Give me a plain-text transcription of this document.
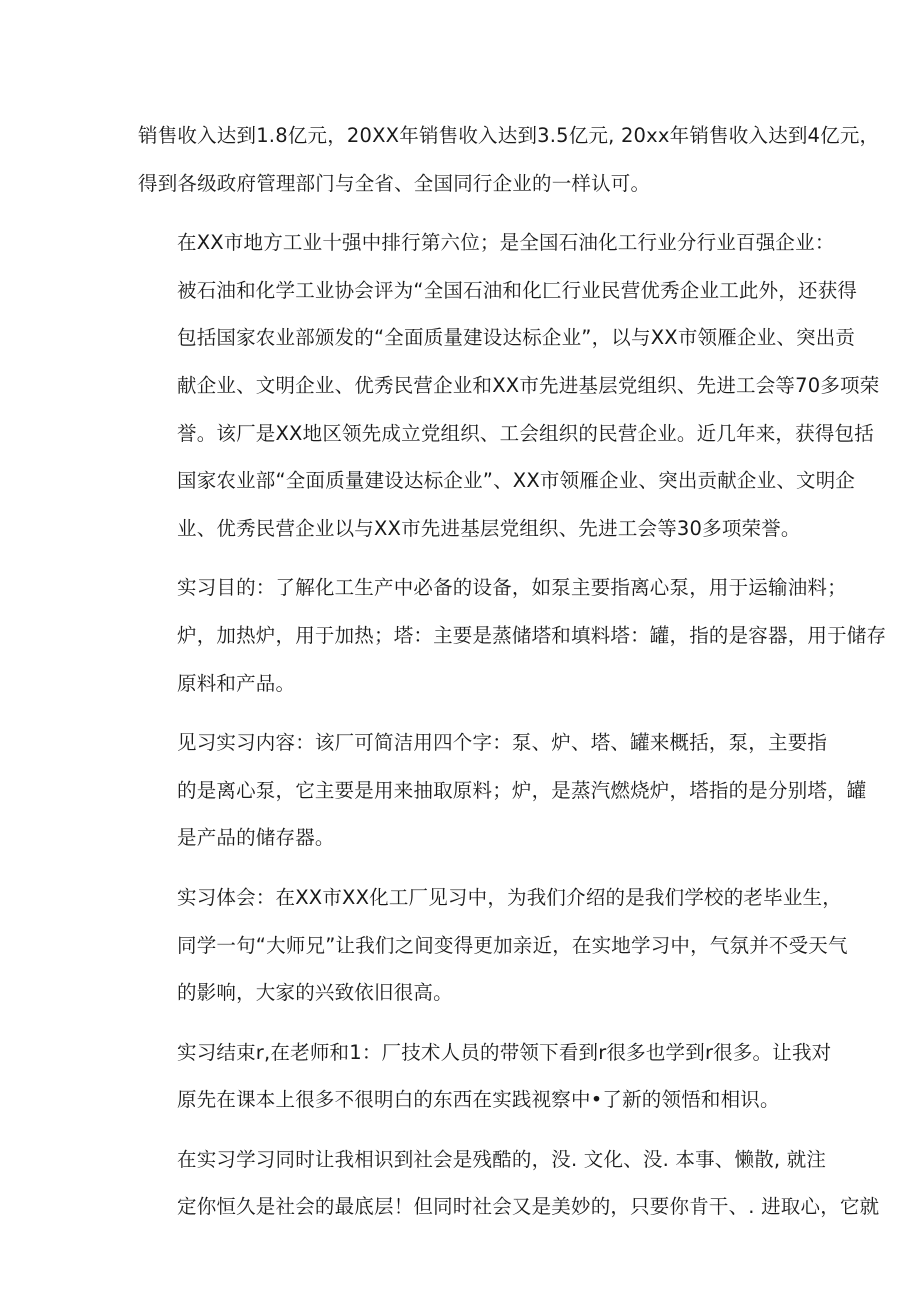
销售收入达到1.8亿元，20XX年销售收入达到3.5亿元, 20xx年销售收入达到4亿元，
得到各级政府管理部门与全省、全国同行企业的一样认可。
在XX市地方工业十强中排行第六位；是全国石油化工行业分行业百强企业：
被石油和化学工业协会评为“全国石油和化匚行业民营优秀企业工此外，还获得
包括国家农业部颁发的“全面质量建设达标企业”，以与XX市领雁企业、突出贡
献企业、文明企业、优秀民营企业和XX市先进基层党组织、先进工会等70多项荣
誉。该厂是XX地区领先成立党组织、工会组织的民营企业。近几年来，获得包括
国家农业部“全面质量建设达标企业”、XX市领雁企业、突出贡献企业、文明企
业、优秀民营企业以与XX市先进基层党组织、先进工会等30多项荣誉。
实习目的：了解化工生产中必备的设备，如泵主要指离心泵，用于运输油料；
炉，加热炉，用于加热；塔：主要是蒸储塔和填料塔：罐，指的是容器，用于储存
原料和产品。
见习实习内容：该厂可简洁用四个字：泵、炉、塔、罐来概括，泵，主要指
的是离心泵，它主要是用来抽取原料；炉，是蒸汽燃烧炉，塔指的是分别塔，罐
是产品的储存器。
实习体会：在XX市XX化工厂见习中，为我们介绍的是我们学校的老毕业生，
同学一句“大师兄”让我们之间变得更加亲近，在实地学习中，气氛并不受天气
的影响，大家的兴致依旧很高。
实习结束r,在老师和1：厂技术人员的带领下看到r很多也学到r很多。让我对
原先在课本上很多不很明白的东西在实践视察中•了新的领悟和相识。
在实习学习同时让我相识到社会是残酷的，没. 文化、没. 本事、懒散, 就注
定你恒久是社会的最底层！但同时社会又是美妙的，只要你肯干、. 进取心，它就
